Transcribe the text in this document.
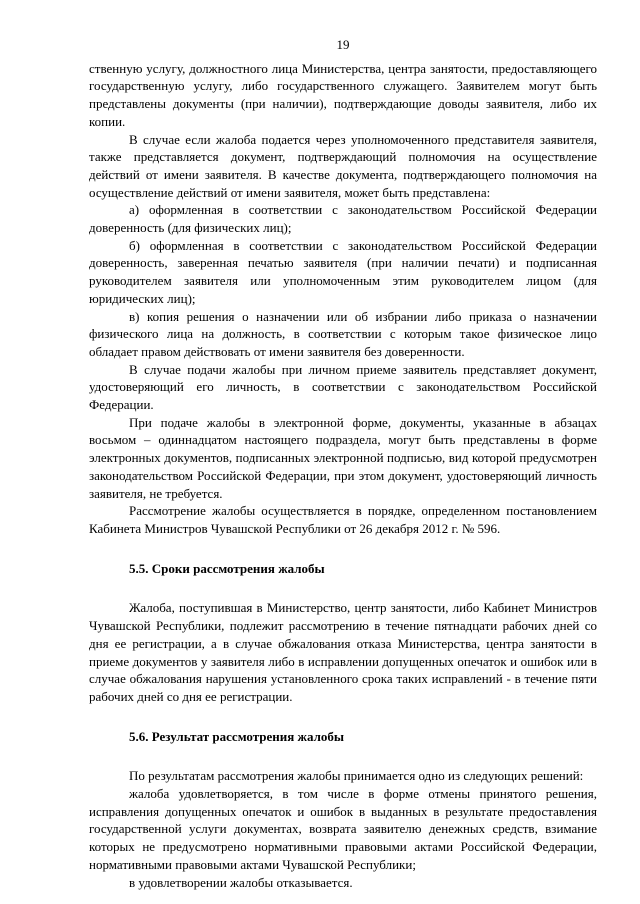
19

ственную услугу, должностного лица Министерства, центра занятости, предоставляющего государственную услугу, либо государственного служащего. Заявителем могут быть представлены документы (при наличии), подтверждающие доводы заявителя, либо их копии.

В случае если жалоба подается через уполномоченного представителя заявителя, также представляется документ, подтверждающий полномочия на осуществление действий от имени заявителя. В качестве документа, подтверждающего полномочия на осуществление действий от имени заявителя, может быть представлена:

а) оформленная в соответствии с законодательством Российской Федерации доверенность (для физических лиц);

б) оформленная в соответствии с законодательством Российской Федерации доверенность, заверенная печатью заявителя (при наличии печати) и подписанная руководителем заявителя или уполномоченным этим руководителем лицом (для юридических лиц);

в) копия решения о назначении или об избрании либо приказа о назначении физического лица на должность, в соответствии с которым такое физическое лицо обладает правом действовать от имени заявителя без доверенности.

В случае подачи жалобы при личном приеме заявитель представляет документ, удостоверяющий его личность, в соответствии с законодательством Российской Федерации.

При подаче жалобы в электронной форме, документы, указанные в абзацах восьмом – одиннадцатом настоящего подраздела, могут быть представлены в форме электронных документов, подписанных электронной подписью, вид которой предусмотрен законодательством Российской Федерации, при этом документ, удостоверяющий личность заявителя, не требуется.

Рассмотрение жалобы осуществляется в порядке, определенном постановлением Кабинета Министров Чувашской Республики от 26 декабря 2012 г. № 596.

5.5. Сроки рассмотрения жалобы

Жалоба, поступившая в Министерство, центр занятости, либо Кабинет Министров Чувашской Республики, подлежит рассмотрению в течение пятнадцати рабочих дней со дня ее регистрации, а в случае обжалования отказа Министерства, центра занятости в приеме документов у заявителя либо в исправлении допущенных опечаток и ошибок или в случае обжалования нарушения установленного срока таких исправлений - в течение пяти рабочих дней со дня ее регистрации.

5.6. Результат рассмотрения жалобы

По результатам рассмотрения жалобы принимается одно из следующих решений:

жалоба удовлетворяется, в том числе в форме отмены принятого решения, исправления допущенных опечаток и ошибок в выданных в результате предоставления государственной услуги документах, возврата заявителю денежных средств, взимание которых не предусмотрено нормативными правовыми актами Российской Федерации, нормативными правовыми актами Чувашской Республики;

в удовлетворении жалобы отказывается.
